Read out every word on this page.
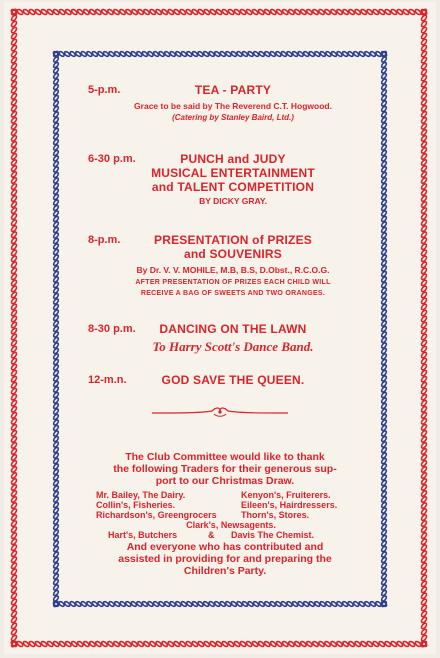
5-p.m.	TEA - PARTY
Grace to be said by The Reverend C.T. Hogwood.
(Catering by Stanley Baird, Ltd.)
6-30 p.m.	PUNCH and JUDY
MUSICAL ENTERTAINMENT
and TALENT COMPETITION
BY DICKY GRAY.
8-p.m.	PRESENTATION of PRIZES
and SOUVENIRS
By Dr. V. V. MOHILE, M.B, B.S, D.Obst., R.C.O.G.
AFTER PRESENTATION OF PRIZES EACH CHILD WILL
RECEIVE A BAG OF SWEETS AND TWO ORANGES.
8-30 p.m.	DANCING ON THE LAWN
To Harry Scott's Dance Band.
12-m.n.	GOD SAVE THE QUEEN.
The Club Committee would like to thank
the following Traders for their generous sup-
port to our Christmas Draw.
Mr. Bailey, The Dairy.	Kenyon's, Fruiterers.
Collin's, Fisheries.	Eileen's, Hairdressers.
Richardson's, Greengrocers	Thorn's, Stores.
Clark's, Newsagents.
Hart's, Butchers	& Davis The Chemist.
And everyone who has contributed and
assisted in providing for and preparing the
Children's Party.
